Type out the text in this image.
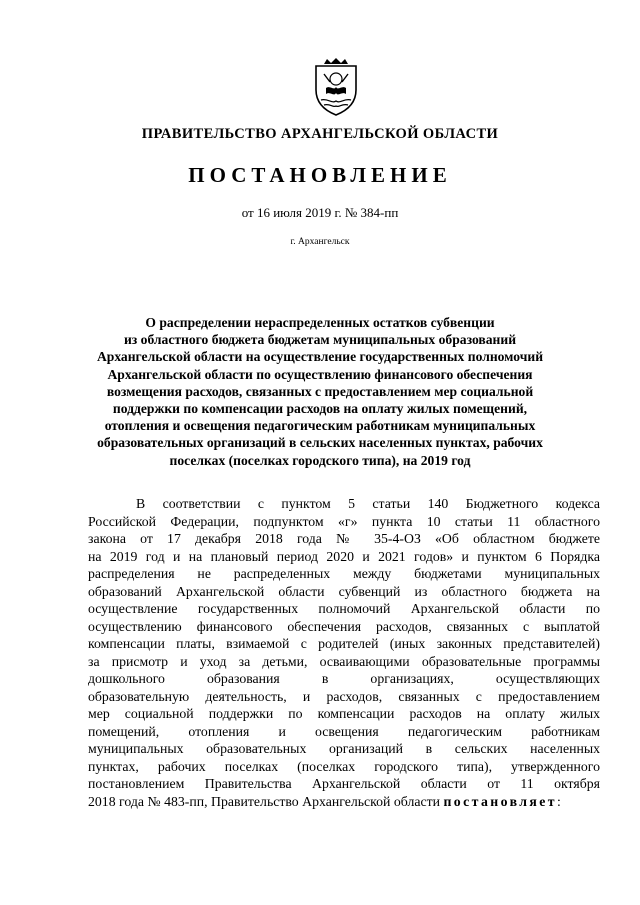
ПРАВИТЕЛЬСТВО АРХАНГЕЛЬСКОЙ ОБЛАСТИ
ПОСТАНОВЛЕНИЕ
от 16 июля 2019 г. № 384-пп
г. Архангельск
О распределении нераспределенных остатков субвенции
из областного бюджета бюджетам муниципальных образований
Архангельской области на осуществление государственных полномочий
Архангельской области по осуществлению финансового обеспечения
возмещения расходов, связанных с предоставлением мер социальной
поддержки по компенсации расходов на оплату жилых помещений,
отопления и освещения педагогическим работникам муниципальных
образовательных организаций в сельских населенных пунктах, рабочих
поселках (поселках городского типа), на 2019 год
В соответствии с пунктом 5 статьи 140 Бюджетного кодекса
Российской Федерации, подпунктом «г» пункта 10 статьи 11 областного
закона от 17 декабря 2018 года № 35-4-ОЗ «Об областном бюджете
на 2019 год и на плановый период 2020 и 2021 годов» и пунктом 6 Порядка
распределения не распределенных между бюджетами муниципальных
образований Архангельской области субвенций из областного бюджета на
осуществление государственных полномочий Архангельской области по
осуществлению финансового обеспечения расходов, связанных с выплатой
компенсации платы, взимаемой с родителей (иных законных представителей)
за присмотр и уход за детьми, осваивающими образовательные программы
дошкольного образования в организациях, осуществляющих
образовательную деятельность, и расходов, связанных с предоставлением
мер социальной поддержки по компенсации расходов на оплату жилых
помещений, отопления и освещения педагогическим работникам
муниципальных образовательных организаций в сельских населенных
пунктах, рабочих поселках (поселках городского типа), утвержденного
постановлением Правительства Архангельской области от 11 октября
2018 года № 483-пп, Правительство Архангельской области постановляет:
